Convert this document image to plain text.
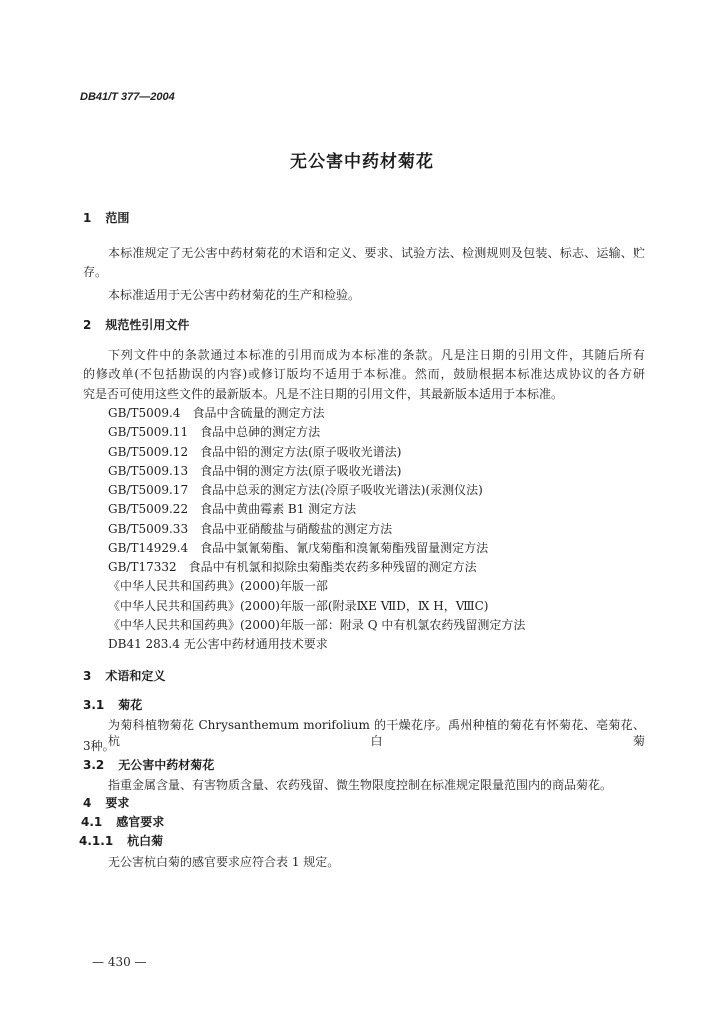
DB41/T 377—2004
无公害中药材菊花
1 范围
本标准规定了无公害中药材菊花的术语和定义、要求、试验方法、检测规则及包装、标志、运输、贮
存。
本标准适用于无公害中药材菊花的生产和检验。
2 规范性引用文件
下列文件中的条款通过本标准的引用而成为本标准的条款。凡是注日期的引用文件，其随后所有
的修改单(不包括勘误的内容)或修订版均不适用于本标准。然而，鼓励根据本标准达成协议的各方研
究是否可使用这些文件的最新版本。凡是不注日期的引用文件，其最新版本适用于本标准。
GB/T5009.4 食品中含硫量的测定方法
GB/T5009.11 食品中总砷的测定方法
GB/T5009.12 食品中铅的测定方法(原子吸收光谱法)
GB/T5009.13 食品中铜的测定方法(原子吸收光谱法)
GB/T5009.17 食品中总汞的测定方法(冷原子吸收光谱法)(汞测仪法)
GB/T5009.22 食品中黄曲霉素 B1 测定方法
GB/T5009.33 食品中亚硝酸盐与硝酸盐的测定方法
GB/T14929.4 食品中氯氰菊酯、氰戊菊酯和溴氰菊酯残留量测定方法
GB/T17332 食品中有机氯和拟除虫菊酯类农药多种残留的测定方法
《中华人民共和国药典》(2000)年版一部
《中华人民共和国药典》(2000)年版一部(附录ⅨE ⅦD，Ⅸ H，ⅧC)
《中华人民共和国药典》(2000)年版一部：附录 Q 中有机氯农药残留测定方法
DB41 283.4 无公害中药材通用技术要求
3 术语和定义
3.1 菊花
为菊科植物菊花 Chrysanthemum morifolium 的干燥花序。禹州种植的菊花有怀菊花、亳菊花、杭白菊
3种。
3.2 无公害中药材菊花
指重金属含量、有害物质含量、农药残留、微生物限度控制在标准规定限量范围内的商品菊花。
4 要求
4.1 感官要求
4.1.1 杭白菊
无公害杭白菊的感官要求应符合表 1 规定。
— 430 —
